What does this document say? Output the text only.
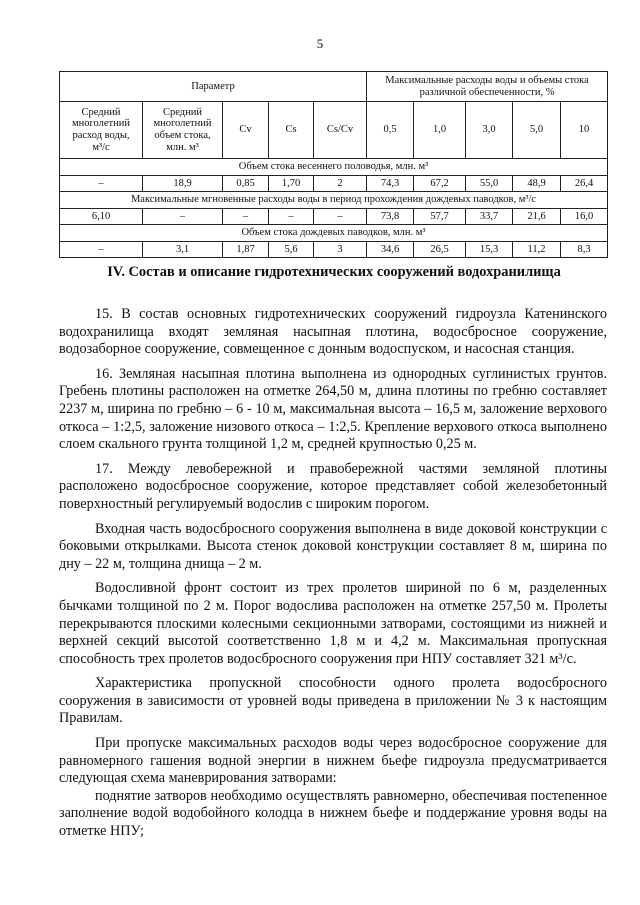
5
Параметр					Максимальные расходы воды и объемы стока
различной обеспеченности, %				
Средний
многолетний
расход воды,
м³/с	Средний
многолетний
объем стока,
млн. м³	Cv	Cs	Cs/Cv	0,5	1,0	3,0	5,0	10
Объем стока весеннего половодья, млн. м³									
–	18,9	0,85	1,70	2	74,3	67,2	55,0	48,9	26,4
Максимальные мгновенные расходы воды в период прохождения дождевых паводков, м³/с									
6,10	–	–	–	–	73,8	57,7	33,7	21,6	16,0
Объем стока дождевых паводков, млн. м³									
–	3,1	1,87	5,6	3	34,6	26,5	15,3	11,2	8,3
IV. Состав и описание гидротехнических сооружений водохранилища

15. В состав основных гидротехнических сооружений гидроузла Катенинского водохранилища входят земляная насыпная плотина, водосбросное сооружение, водозаборное сооружение, совмещенное с донным водоспуском, и насосная станция.

16. Земляная насыпная плотина выполнена из однородных суглинистых грунтов. Гребень плотины расположен на отметке 264,50 м, длина плотины по гребню составляет 2237 м, ширина по гребню – 6 - 10 м, максимальная высота – 16,5 м, заложение верхового откоса – 1:2,5, заложение низового откоса – 1:2,5. Крепление верхового откоса выполнено слоем скального грунта толщиной 1,2 м, средней крупностью 0,25 м.

17. Между левобережной и правобережной частями земляной плотины расположено водосбросное сооружение, которое представляет собой железобетонный поверхностный регулируемый водослив с широким порогом.

Входная часть водосбросного сооружения выполнена в виде доковой конструкции с боковыми открылками. Высота стенок доковой конструкции составляет 8 м, ширина по дну – 22 м, толщина днища – 2 м.

Водосливной фронт состоит из трех пролетов шириной по 6 м, разделенных бычками толщиной по 2 м. Порог водослива расположен на отметке 257,50 м. Пролеты перекрываются плоскими колесными секционными затворами, состоящими из нижней и верхней секций высотой соответственно 1,8 м и 4,2 м. Максимальная пропускная способность трех пролетов водосбросного сооружения при НПУ составляет 321 м³/с.

Характеристика пропускной способности одного пролета водосбросного сооружения в зависимости от уровней воды приведена в приложении № 3 к настоящим Правилам.

При пропуске максимальных расходов воды через водосбросное сооружение для равномерного гашения водной энергии в нижнем бьефе гидроузла предусматривается следующая схема маневрирования затворами:

поднятие затворов необходимо осуществлять равномерно, обеспечивая постепенное заполнение водой водобойного колодца в нижнем бьефе и поддержание уровня воды на отметке НПУ;
